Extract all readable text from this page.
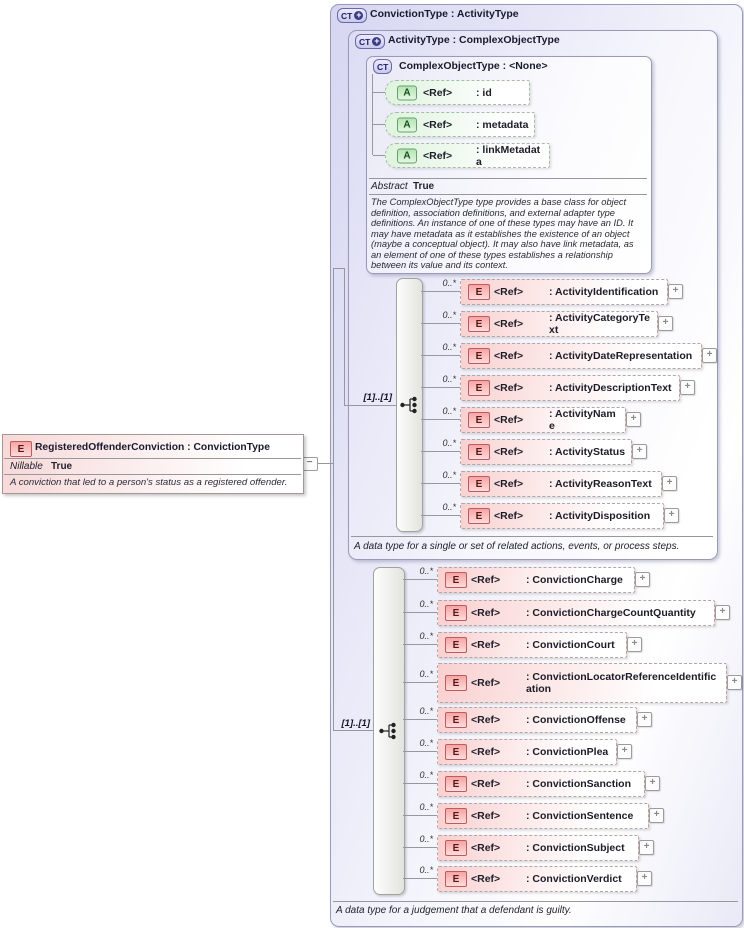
CT + ConvictionType : ActivityType
CT + ActivityType : ComplexObjectType
CT ComplexObjectType : <None>
Abstract True
The ComplexObjectType type provides a base class for object definition, association definitions, and external adapter type definitions. An instance of one of these types may have an ID. It may have metadata as it establishes the existence of an object (maybe a conceptual object). It may also have link metadata, as an element of one of these types establishes a relationship between its value and its context.
−
[1]..[1]
[1]..[1]
A data type for a single or set of related actions, events, or process steps.
A data type for a judgement that a defendant is guilty.
E	RegisteredOffenderConviction : ConvictionType
Nillable True
A conviction that led to a person's status as a registered offender.
A	<Ref> : id
A	<Ref> : metadata
A	<Ref> : linkMetadata
E	<Ref> : ActivityIdentification
0..*
+
E	<Ref> : ActivityCategoryText
0..*
+
E	<Ref> : ActivityDateRepresentation
0..*
+
E	<Ref> : ActivityDescriptionText
0..*
+
E	<Ref> : ActivityName
0..*
+
E	<Ref> : ActivityStatus
0..*
+
E	<Ref> : ActivityReasonText
0..*
+
E	<Ref> : ActivityDisposition
0..*
+
E	<Ref> : ConvictionCharge
0..*
+
E	<Ref> : ConvictionChargeCountQuantity
0..*
+
E	<Ref> : ConvictionCourt
0..*
+
E	<Ref> : ConvictionLocatorReferenceIdentification
0..*
+
E	<Ref> : ConvictionOffense
0..*
+
E	<Ref> : ConvictionPlea
0..*
+
E	<Ref> : ConvictionSanction
0..*
+
E	<Ref> : ConvictionSentence
0..*
+
E	<Ref> : ConvictionSubject
0..*
+
E	<Ref> : ConvictionVerdict
0..*
+
